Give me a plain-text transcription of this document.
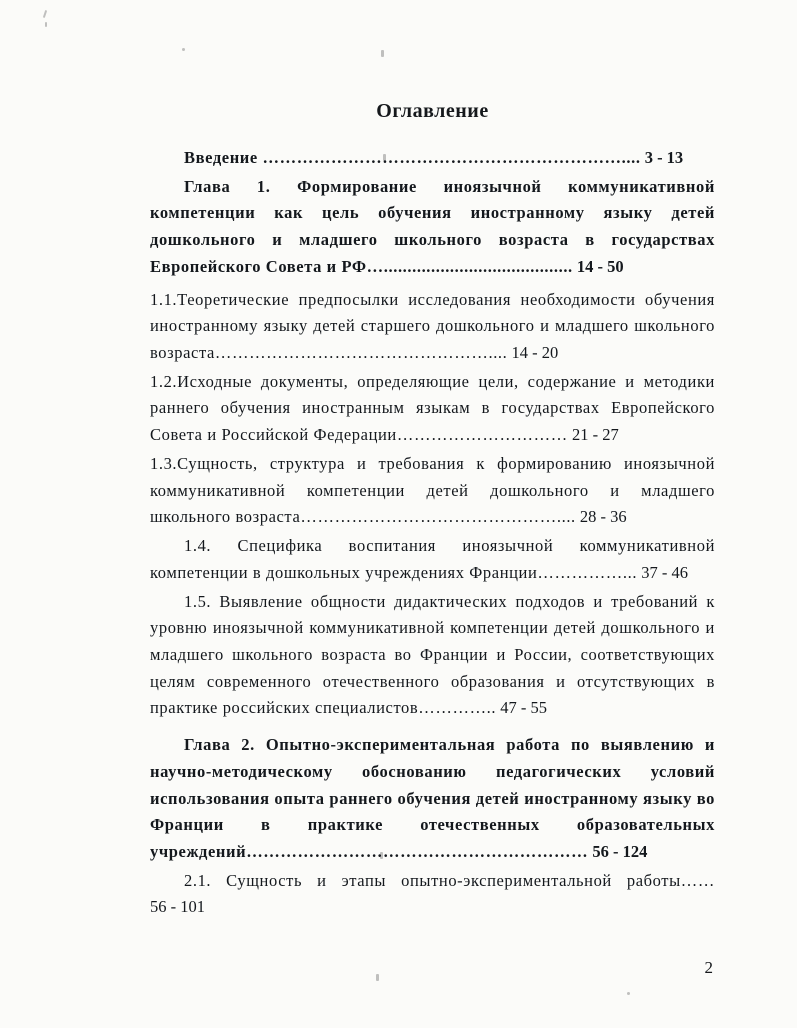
Оглавление
Введение ……………………………………………………….... 3 - 13
Глава 1. Формирование иноязычной коммуникативной компетенции как цель обучения иностранному языку детей дошкольного и младшего школьного возраста в государствах Европейского Совета и РФ…........................................ 14 - 50
1.1.Теоретические предпосылки исследования необходимости обучения иностранному языку детей старшего дошкольного и младшего школьного возраста………………………………………….... 14 - 20
1.2.Исходные документы, определяющие цели, содержание и методики раннего обучения иностранным языкам в государствах Европейского Совета и Российской Федерации………………………… 21 - 27
1.3.Сущность, структура и требования к формированию иноязычной коммуникативной компетенции детей дошкольного и младшего школьного возраста……………………………………….... 28 - 36
1.4. Специфика воспитания иноязычной коммуникативной компетенции в дошкольных учреждениях Франции……………... 37 - 46
1.5. Выявление общности дидактических подходов и требований к уровню иноязычной коммуникативной компетенции детей дошкольного и младшего школьного возраста во Франции и России, соответствующих целям современного отечественного образования и отсутствующих в практике российских специалистов………….. 47 - 55
Глава 2. Опытно-экспериментальная работа по выявлению и научно-методическому обоснованию педагогических условий использования опыта раннего обучения детей иностранному языку во Франции в практике отечественных образовательных учреждений…………………………………………………… 56 - 124
2.1. Сущность и этапы опытно-экспериментальной работы…… 56 - 101
2
